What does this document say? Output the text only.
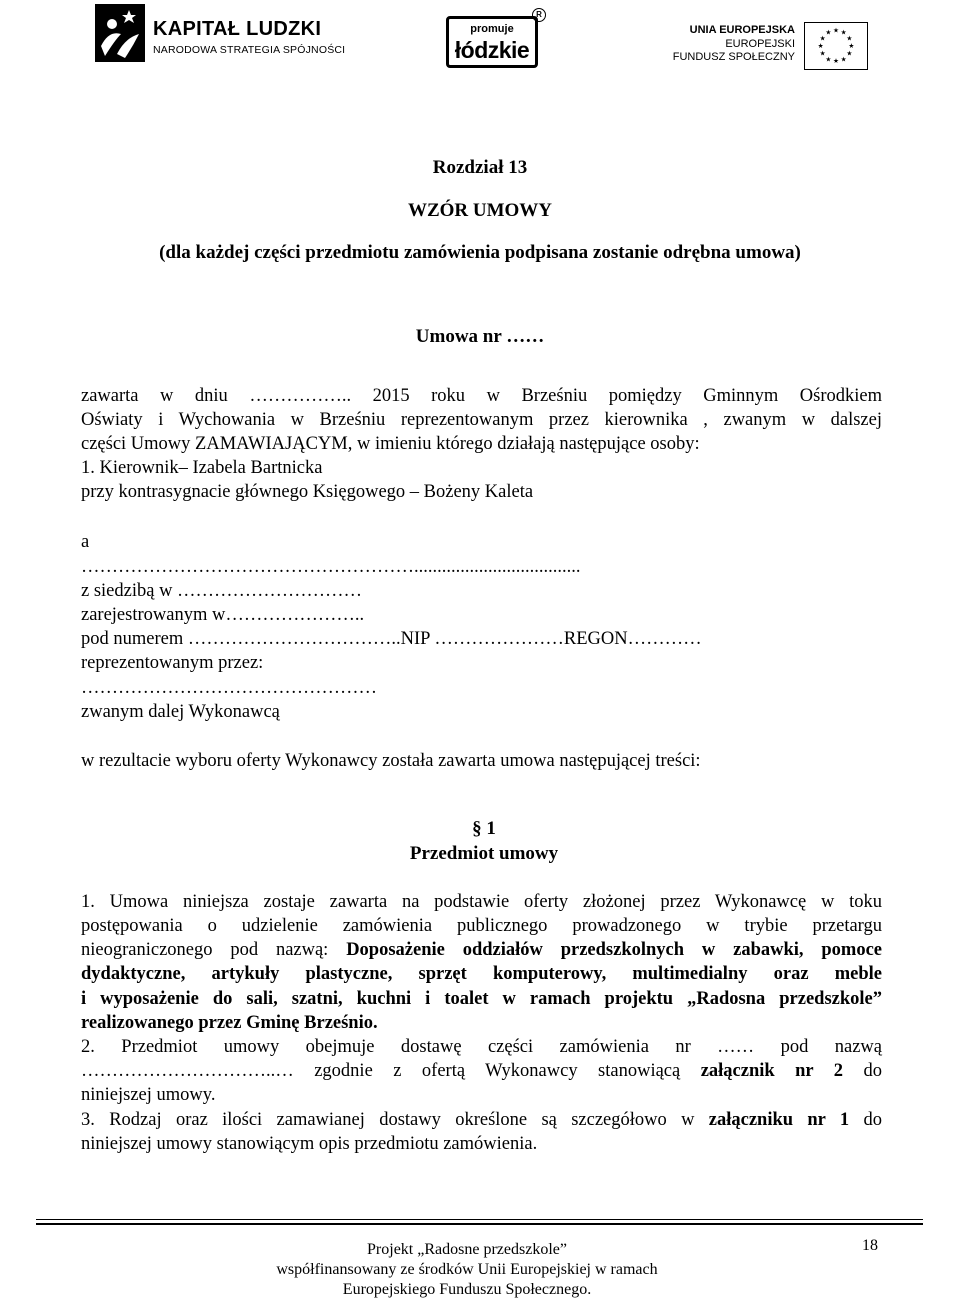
KAPITAŁ LUDZKI
NARODOWA STRATEGIA SPÓJNOŚCI
promuje
łódzkie
R
UNIA EUROPEJSKA
EUROPEJSKI
FUNDUSZ SPOŁECZNY
★ ★
★
★
★
★
★
★
★
★
★
★
Rozdział 13
WZÓR UMOWY
(dla każdej części przedmiotu zamówienia podpisana zostanie odrębna umowa)
Umowa nr ……
zawarta w dniu …………….. 2015 roku w Brześniu pomiędzy Gminnym Ośrodkiem
Oświaty i Wychowania w Brześniu reprezentowanym przez kierownika , zwanym w dalszej
części Umowy ZAMAWIAJĄCYM, w imieniu którego działają następujące osoby:
1. Kierownik– Izabela Bartnicka
przy kontrasygnacie głównego Księgowego – Bożeny Kaleta
a
………………………………………………....................................
z siedzibą w …………………………
zarejestrowanym w…………………..
pod numerem ……………………………..NIP …………………REGON…………
reprezentowanym przez:
…………………………………………
zwanym dalej Wykonawcą
w rezultacie wyboru oferty Wykonawcy została zawarta umowa następującej treści:
§ 1
Przedmiot umowy
1. Umowa niniejsza zostaje zawarta na podstawie oferty złożonej przez Wykonawcę w toku
postępowania o udzielenie zamówienia publicznego prowadzonego w trybie przetargu
nieograniczonego pod nazwą: Doposażenie oddziałów przedszkolnych w zabawki, pomoce
dydaktyczne, artykuły plastyczne, sprzęt komputerowy, multimedialny oraz meble
i wyposażenie do sali, szatni, kuchni i toalet w ramach projektu „Radosna przedszkole”
realizowanego przez Gminę Brześnio.
2. Przedmiot umowy obejmuje dostawę części zamówienia nr …… pod nazwą
…………………………..… zgodnie z ofertą Wykonawcy stanowiącą załącznik nr 2 do
niniejszej umowy.
3. Rodzaj oraz ilości zamawianej dostawy określone są szczegółowo w załączniku nr 1 do
niniejszej umowy stanowiącym opis przedmiotu zamówienia.
Projekt „Radosne przedszkole”
współfinansowany ze środków Unii Europejskiej w ramach
Europejskiego Funduszu Społecznego.
18
